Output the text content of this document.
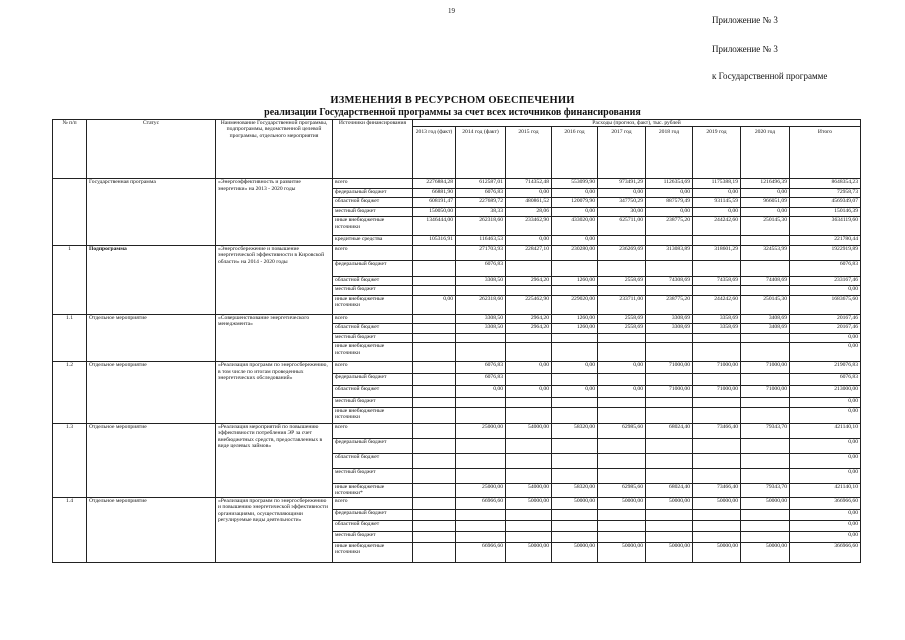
19
Приложение № 3
Приложение № 3
к Государственной программе
ИЗМЕНЕНИЯ В РЕСУРСНОМ ОБЕСПЕЧЕНИИ
реализации Государственной программы за счет всех источников финансирования
№ п/п	Статус	Наименование Государственной программы, подпрограммы, ведомственной целевой программы, отдельного мероприятия	Источники финансирования	Расходы (прогноз, факт), тыс. рублей								
				2013 год (факт)	2014 год (факт)	2015 год	2016 год	2017 год	2018 год	2019 год	2020 год	Итого
	Государственная программа	«Энергоэффективность и развитие энергетики» на 2013 - 2020 годы	всего	2276884,28	612587,01	714352,48	553099,90	973491,29	1126354,69	1175388,19	1216496,39	8648354,23
			федеральный бюджет	66881,90	6076,83	0,00	0,00	0,00	0,00	0,00	0,00	72958,73
			областной бюджет	608191,47	227689,72	480861,52	120079,90	347750,29	887579,49	931145,59	966051,09	4569349,07
			местный бюджет	150050,00	38,33	28,06	0,00	30,00	0,00	0,00	0,00	150146,39
			иные внебюджетные источники	1346444,00	262318,60	233462,90	433020,00	625711,00	238775,20	244242,60	250145,30	3634119,60
			кредитные средства	105316,91	116463,53	0,00	0,00					221780,44
1	Подпрограмма	«Энергосбережение и повышение энергетической эффективности в Кировской области» на 2014 - 2020 годы	всего		271703,93	228427,10	230280,00	236269,69	313083,89	318601,29	324553,99	1922919,89
			федеральный бюджет		6076,83							6076,83
			областной бюджет		3308,50	2964,20	1260,00	2558,69	74308,69	74358,69	74408,69	233167,46
			местный бюджет									0,00
			иные внебюджетные источники	0,00	262318,60	225462,90	229020,00	233711,00	238775,20	244242,60	250145,30	1683675,60
1.1	Отдельное мероприятие	«Совершенствование энергетического менеджмента»	всего		3308,50	2964,20	1260,00	2558,69	3308,69	3358,69	3408,69	20167,46
			областной бюджет		3308,50	2964,20	1260,00	2558,69	3308,69	3358,69	3408,69	20167,46
			местный бюджет									0,00
			иные внебюджетные источники									0,00
1.2	Отдельное мероприятие	«Реализация программ по энергосбережению, в том числе по итогам проведенных энергетических обследований»	всего		6076,83	0,00	0,00	0,00	71000,00	71000,00	71000,00	219076,83
			федеральный бюджет		6076,83							6076,83
			областной бюджет		0,00	0,00	0,00	0,00	71000,00	71000,00	71000,00	213000,00
			местный бюджет									0,00
			иные внебюджетные источники									0,00
1.3	Отдельное мероприятие	«Реализация мероприятий по повышению эффективности потребления ЭР за счет внебюджетных средств, предоставленных в виде целевых займов»	всего		25000,00	54000,00	58320,00	62985,60	68024,40	73466,40	79343,70	421140,10
			федеральный бюджет									0,00
			областной бюджет									0,00
			местный бюджет									0,00
			иные внебюджетные источники*		25000,00	54000,00	58320,00	62985,60	68024,40	73466,40	79343,70	421140,10
1.4	Отдельное мероприятие	«Реализация программ по энергосбережению и повышению энергетической эффективности организациями, осуществляющими регулируемые виды деятельности»	всего		66966,60	50000,00	50000,00	50000,00	50000,00	50000,00	50000,00	366966,60
			федеральный бюджет									0,00
			областной бюджет									0,00
			местный бюджет									0,00
			иные внебюджетные источники		66966,60	50000,00	50000,00	50000,00	50000,00	50000,00	50000,00	366966,60
